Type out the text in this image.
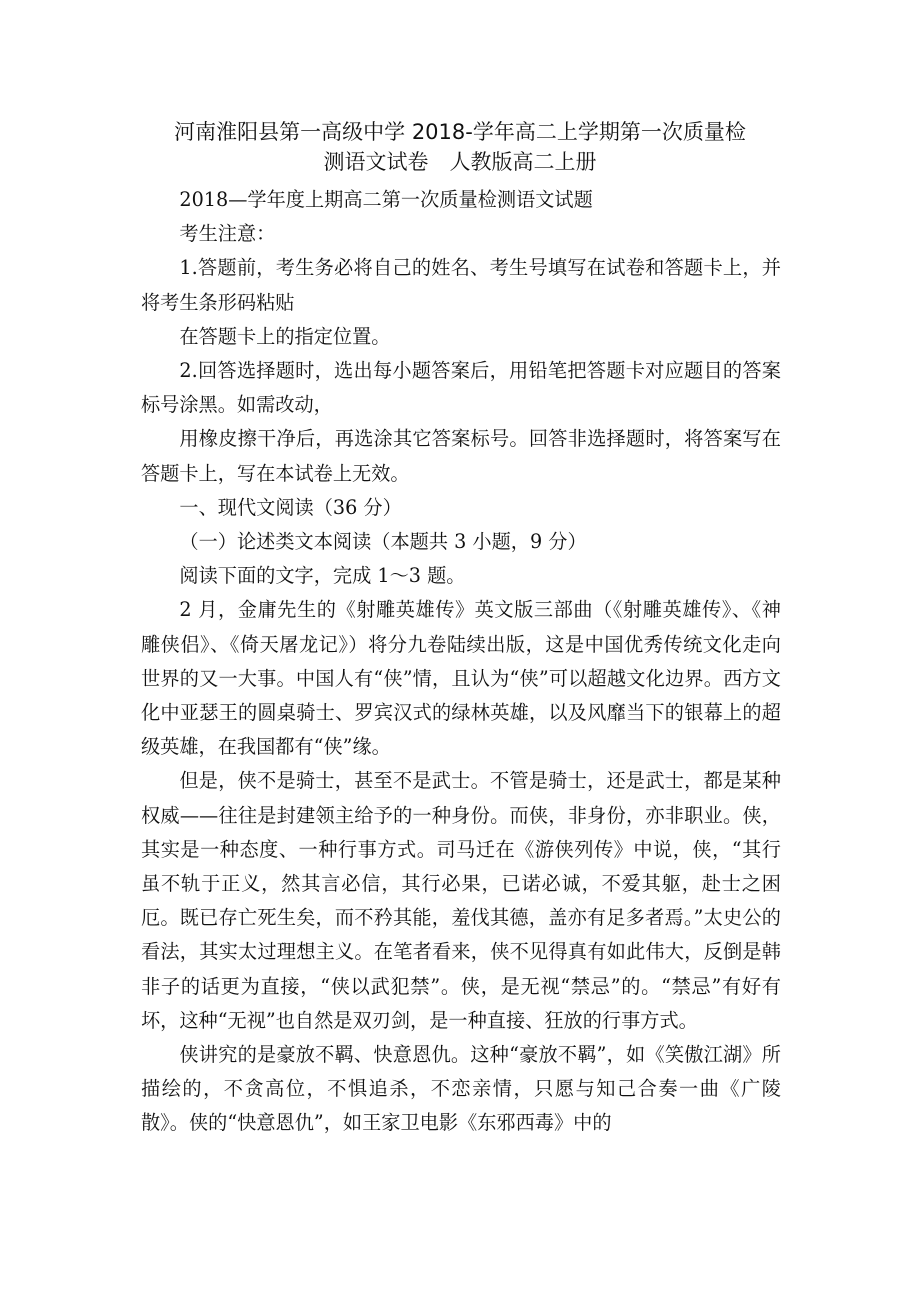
河南淮阳县第一高级中学 2018-学年高二上学期第一次质量检
测语文试卷　人教版高二上册

2018—学年度上期高二第一次质量检测语文试题

考生注意：

1.答题前，考生务必将自己的姓名、考生号填写在试卷和答题卡上，并将考生条形码粘贴

在答题卡上的指定位置。

2.回答选择题时，选出每小题答案后，用铅笔把答题卡对应题目的答案标号涂黑。如需改动，

用橡皮擦干净后，再选涂其它答案标号。回答非选择题时，将答案写在答题卡上，写在本试卷上无效。

一、现代文阅读（36 分）

（一）论述类文本阅读（本题共 3 小题，9 分）

阅读下面的文字，完成 1～3 题。

2 月，金庸先生的《射雕英雄传》英文版三部曲（《射雕英雄传》、《神雕侠侣》、《倚天屠龙记》）将分九卷陆续出版，这是中国优秀传统文化走向世界的又一大事。中国人有“侠”情，且认为“侠”可以超越文化边界。西方文化中亚瑟王的圆桌骑士、罗宾汉式的绿林英雄，以及风靡当下的银幕上的超级英雄，在我国都有“侠”缘。

但是，侠不是骑士，甚至不是武士。不管是骑士，还是武士，都是某种权威——往往是封建领主给予的一种身份。而侠，非身份，亦非职业。侠，其实是一种态度、一种行事方式。司马迁在《游侠列传》中说，侠，“其行虽不轨于正义，然其言必信，其行必果，已诺必诚，不爱其躯，赴士之困厄。既已存亡死生矣，而不矜其能，羞伐其德，盖亦有足多者焉。”太史公的看法，其实太过理想主义。在笔者看来，侠不见得真有如此伟大，反倒是韩非子的话更为直接，“侠以武犯禁”。侠，是无视“禁忌”的。“禁忌”有好有坏，这种“无视”也自然是双刃剑，是一种直接、狂放的行事方式。

侠讲究的是豪放不羁、快意恩仇。这种“豪放不羁”，如《笑傲江湖》所描绘的，不贪高位，不惧追杀，不恋亲情，只愿与知己合奏一曲《广陵散》。侠的“快意恩仇”，如王家卫电影《东邪西毒》中的
